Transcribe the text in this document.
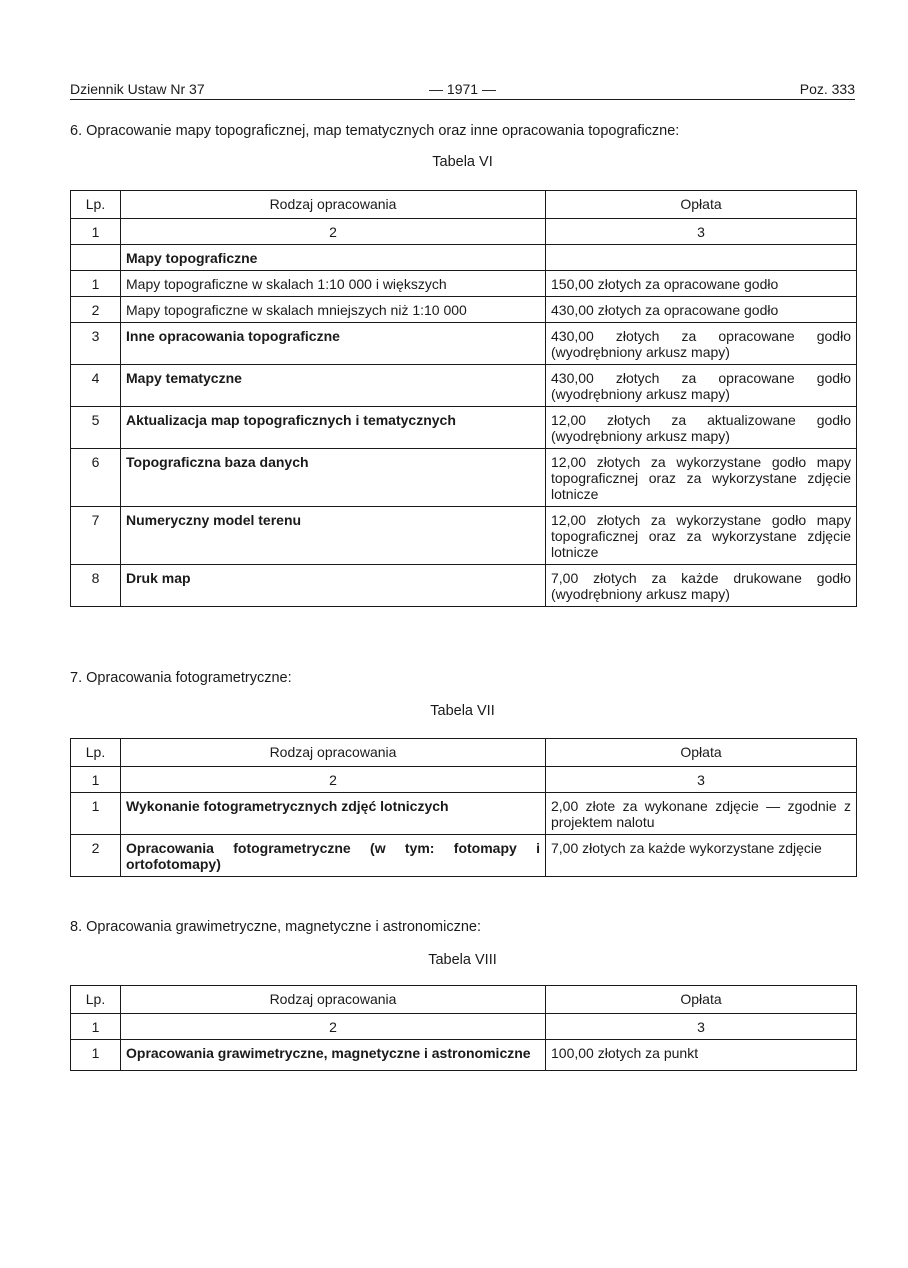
Dziennik Ustaw Nr 37	— 1971 —	Poz. 333
6. Opracowanie mapy topograficznej, map tematycznych oraz inne opracowania topograficzne:
Tabela VI
Lp.	Rodzaj opracowania	Opłata
1	2	3
	Mapy topograficzne	
1	Mapy topograficzne w skalach 1:10 000 i większych	150,00 złotych za opracowane godło
2	Mapy topograficzne w skalach mniejszych niż 1:10 000	430,00 złotych za opracowane godło
3	Inne opracowania topograficzne	430,00 złotych za opracowane godło (wyodrębniony arkusz mapy)
4	Mapy tematyczne	430,00 złotych za opracowane godło (wyodrębniony arkusz mapy)
5	Aktualizacja map topograficznych i tematycznych	12,00 złotych za aktualizowane godło (wyodrębniony arkusz mapy)
6	Topograficzna baza danych	12,00 złotych za wykorzystane godło mapy topograficznej oraz za wykorzystane zdjęcie lotnicze
7	Numeryczny model terenu	12,00 złotych za wykorzystane godło mapy topograficznej oraz za wykorzystane zdjęcie lotnicze
8	Druk map	7,00 złotych za każde drukowane godło (wyodrębniony arkusz mapy)
7. Opracowania fotogrametryczne:
Tabela VII
Lp.	Rodzaj opracowania	Opłata
1	2	3
1	Wykonanie fotogrametrycznych zdjęć lotniczych	2,00 złote za wykonane zdjęcie — zgodnie z projektem nalotu
2	Opracowania fotogrametryczne (w tym: fotomapy i ortofotomapy)	7,00 złotych za każde wykorzystane zdjęcie
8. Opracowania grawimetryczne, magnetyczne i astronomiczne:
Tabela VIII
Lp.	Rodzaj opracowania	Opłata
1	2	3
1	Opracowania grawimetryczne, magnetyczne i astronomiczne	100,00 złotych za punkt
